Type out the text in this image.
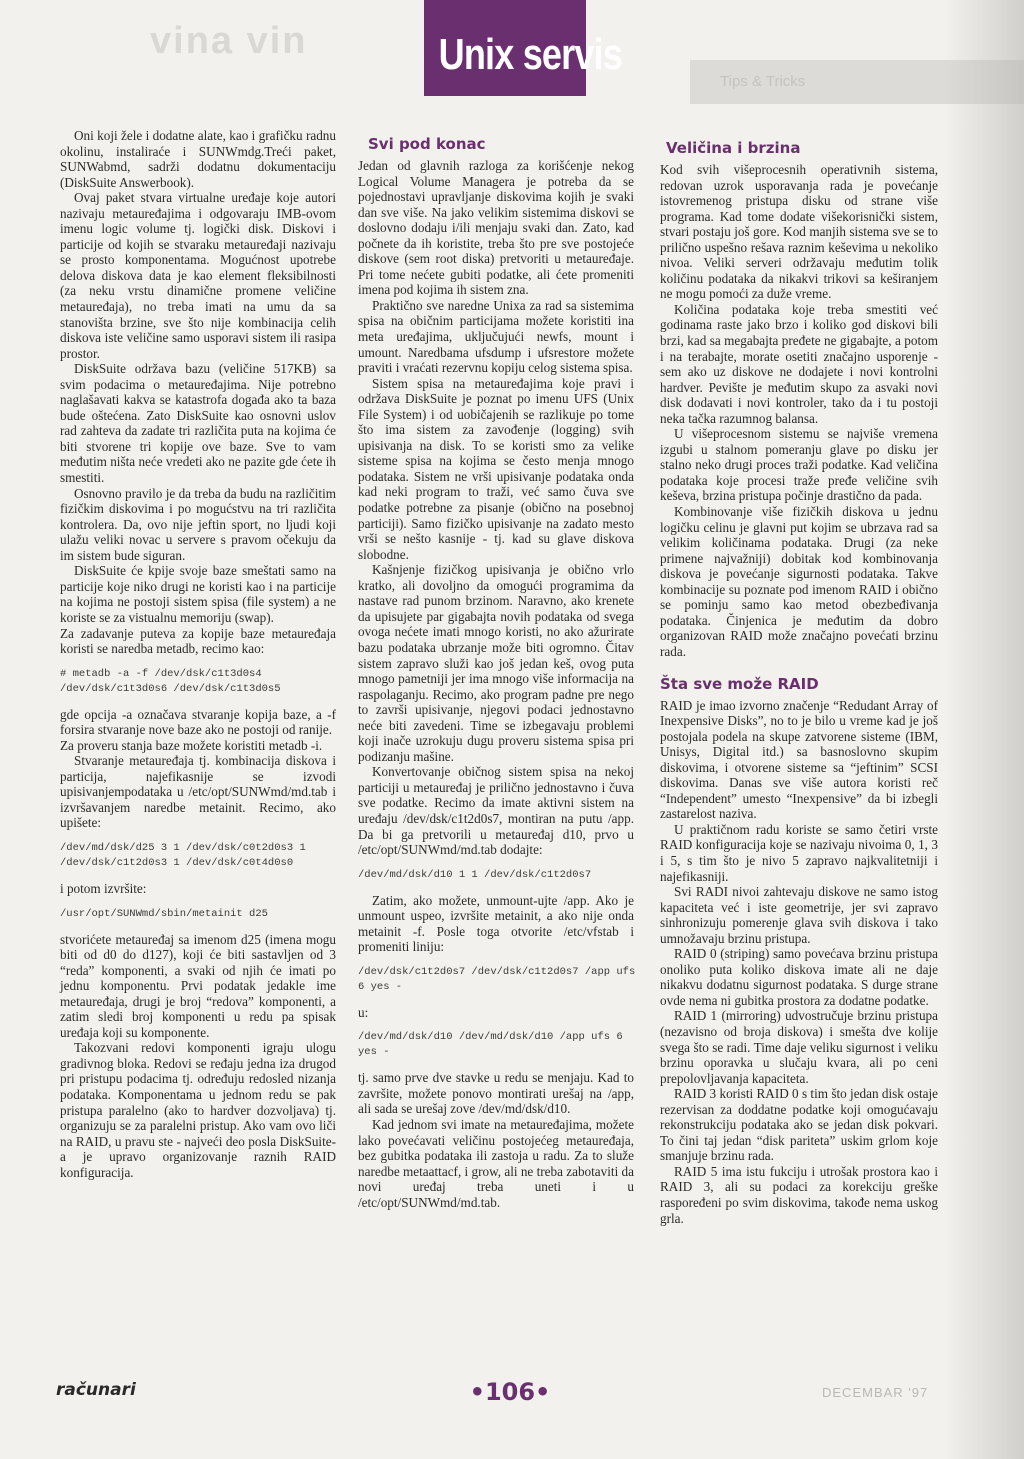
vina vin
Tips & Tricks
Unix servis

Oni koji žele i dodatne alate, kao i grafičku radnu okolinu, instaliraće i SUNWmdg.Treći paket, SUNWabmd, sadrži dodatnu dokumentaciju (DiskSuite Answerbook).

Ovaj paket stvara virtualne uređaje koje autori nazivaju metauređajima i odgovaraju IMB-ovom imenu logic volume tj. logički disk. Diskovi i particije od kojih se stvaraku metauređaji nazivaju se prosto komponentama. Mogućnost upotrebe delova diskova data je kao element fleksibilnosti (za neku vrstu dinamične promene veličine metauređaja), no treba imati na umu da sa stanovišta brzine, sve što nije kombinacija celih diskova iste veličine samo usporavi sistem ili rasipa prostor.

DiskSuite održava bazu (veličine 517KB) sa svim podacima o metauređajima. Nije potrebno naglašavati kakva se katastrofa događa ako ta baza bude oštećena. Zato DiskSuite kao osnovni uslov rad zahteva da zadate tri različita puta na kojima će biti stvorene tri kopije ove baze. Sve to vam međutim ništa neće vredeti ako ne pazite gde ćete ih smestiti.

Osnovno pravilo je da treba da budu na različitim fizičkim diskovima i po mogućstvu na tri različita kontrolera. Da, ovo nije jeftin sport, no ljudi koji ulažu veliki novac u servere s pravom očekuju da im sistem bude siguran.

DiskSuite će kpije svoje baze smeštati samo na particije koje niko drugi ne koristi kao i na particije na kojima ne postoji sistem spisa (file system) a ne koriste se za vistualnu memoriju (swap).

Za zadavanje puteva za kopije baze metauređaja koristi se naredba metadb, recimo kao:

# metadb -a -f /dev/dsk/c1t3d0s4
/dev/dsk/c1t3d0s6 /dev/dsk/c1t3d0s5

gde opcija -a označava stvaranje kopija baze, a -f forsira stvaranje nove baze ako ne postoji od ranije.

Za proveru stanja baze možete koristiti metadb -i.

Stvaranje metauređaja tj. kombinacija diskova i particija, najefikasnije se izvodi upisivanjempodataka u /etc/opt/SUNWmd/md.tab i izvršavanjem naredbe metainit. Recimo, ako upišete:

/dev/md/dsk/d25 3 1 /dev/dsk/c0t2d0s3 1
/dev/dsk/c1t2d0s3 1 /dev/dsk/c0t4d0s0

i potom izvršite:

/usr/opt/SUNWmd/sbin/metainit d25

stvorićete metauređaj sa imenom d25 (imena mogu biti od d0 do d127), koji će biti sastavljen od 3 “reda” komponenti, a svaki od njih će imati po jednu komponentu. Prvi podatak jedakle ime metauređaja, drugi je broj “redova” komponenti, a zatim sledi broj komponenti u redu pa spisak uređaja koji su komponente.

Takozvani redovi komponenti igraju ulogu gradivnog bloka. Redovi se ređaju jedna iza drugod pri pristupu podacima tj. određuju redosled nizanja podataka. Komponentama u jednom redu se pak pristupa paralelno (ako to hardver dozvoljava) tj. organizuju se za paralelni pristup. Ako vam ovo liči na RAID, u pravu ste - najveći deo posla DiskSuite-a je upravo organizovanje raznih RAID konfiguracija.

Svi pod konac

Jedan od glavnih razloga za korišćenje nekog Logical Volume Managera je potreba da se pojednostavi upravljanje diskovima kojih je svaki dan sve više. Na jako velikim sistemima diskovi se doslovno dodaju i/ili menjaju svaki dan. Zato, kad počnete da ih koristite, treba što pre sve postojeće diskove (sem root diska) pretvoriti u metauređaje. Pri tome nećete gubiti podatke, ali ćete promeniti imena pod kojima ih sistem zna.

Praktično sve naredne Unixa za rad sa sistemima spisa na običnim particijama možete koristiti ina meta uređajima, uključujući newfs, mount i umount. Naredbama ufsdump i ufsrestore možete praviti i vraćati rezervnu kopiju celog sistema spisa.

Sistem spisa na metauređajima koje pravi i održava DiskSuite je poznat po imenu UFS (Unix File System) i od uobičajenih se razlikuje po tome što ima sistem za zavođenje (logging) svih upisivanja na disk. To se koristi smo za velike sisteme spisa na kojima se često menja mnogo podataka. Sistem ne vrši upisivanje podataka onda kad neki program to traži, već samo čuva sve podatke potrebne za pisanje (obično na posebnoj particiji). Samo fizičko upisivanje na zadato mesto vrši se nešto kasnije - tj. kad su glave diskova slobodne.

Kašnjenje fizičkog upisivanja je obično vrlo kratko, ali dovoljno da omogući programima da nastave rad punom brzinom. Naravno, ako krenete da upisujete par gigabajta novih podataka od svega ovoga nećete imati mnogo koristi, no ako ažurirate bazu podataka ubrzanje može biti ogromno. Čitav sistem zapravo služi kao još jedan keš, ovog puta mnogo pametniji jer ima mnogo više informacija na raspolaganju. Recimo, ako program padne pre nego to završi upisivanje, njegovi podaci jednostavno neće biti zavedeni. Time se izbegavaju problemi koji inače uzrokuju dugu proveru sistema spisa pri podizanju mašine.

Konvertovanje običnog sistem spisa na nekoj particiji u metauređaj je prilično jednostavno i čuva sve podatke. Recimo da imate aktivni sistem na uređaju /dev/dsk/c1t2d0s7, montiran na putu /app. Da bi ga pretvorili u metauređaj d10, prvo u /etc/opt/SUNWmd/md.tab dodajte:

/dev/md/dsk/d10 1 1 /dev/dsk/c1t2d0s7

Zatim, ako možete, unmount-ujte /app. Ako je unmount uspeo, izvršite metainit, a ako nije onda metainit -f. Posle toga otvorite /etc/vfstab i promeniti liniju:

/dev/dsk/c1t2d0s7 /dev/dsk/c1t2d0s7 /app ufs
6 yes -

u:

/dev/md/dsk/d10 /dev/md/dsk/d10 /app ufs 6
yes -

tj. samo prve dve stavke u redu se menjaju. Kad to završite, možete ponovo montirati urešaj na /app, ali sada se urešaj zove /dev/md/dsk/d10.

Kad jednom svi imate na metauređajima, možete lako povećavati veličinu postojećeg metauređaja, bez gubitka podataka ili zastoja u radu. Za to služe naredbe metaattacf, i grow, ali ne treba zabotaviti da novi uređaj treba uneti i u /etc/opt/SUNWmd/md.tab.

Veličina i brzina

Kod svih višeprocesnih operativnih sistema, redovan uzrok usporavanja rada je povećanje istovremenog pristupa disku od strane više programa. Kad tome dodate višekorisnički sistem, stvari postaju još gore. Kod manjih sistema sve se to prilično uspešno rešava raznim keševima u nekoliko nivoa. Veliki serveri održavaju međutim tolik količinu podataka da nikakvi trikovi sa keširanjem ne mogu pomoći za duže vreme.

Količina podataka koje treba smestiti već godinama raste jako brzo i koliko god diskovi bili brzi, kad sa megabajta pređete ne gigabajte, a potom i na terabajte, morate osetiti značajno usporenje - sem ako uz diskove ne dodajete i novi kontrolni hardver. Pevište je međutim skupo za asvaki novi disk dodavati i novi kontroler, tako da i tu postoji neka tačka razumnog balansa.

U višeprocesnom sistemu se najviše vremena izgubi u stalnom pomeranju glave po disku jer stalno neko drugi proces traži podatke. Kad veličina podataka koje procesi traže pređe veličine svih keševa, brzina pristupa počinje drastično da pada.

Kombinovanje više fizičkih diskova u jednu logičku celinu je glavni put kojim se ubrzava rad sa velikim količinama podataka. Drugi (za neke primene najvažniji) dobitak kod kombinovanja diskova je povećanje sigurnosti podataka. Takve kombinacije su poznate pod imenom RAID i obično se pominju samo kao metod obezbeđivanja podataka. Činjenica je međutim da dobro organizovan RAID može značajno povećati brzinu rada.

Šta sve može RAID

RAID je imao izvorno značenje “Redudant Array of Inexpensive Disks”, no to je bilo u vreme kad je još postojala podela na skupe zatvorene sisteme (IBM, Unisys, Digital itd.) sa basnoslovno skupim diskovima, i otvorene sisteme sa “jeftinim” SCSI diskovima. Danas sve više autora koristi reč “Independent” umesto “Inexpensive” da bi izbegli zastarelost naziva.

U praktičnom radu koriste se samo četiri vrste RAID konfiguracija koje se nazivaju nivoima 0, 1, 3 i 5, s tim što je nivo 5 zapravo najkvalitetniji i najefikasniji.

Svi RADI nivoi zahtevaju diskove ne samo istog kapaciteta već i iste geometrije, jer svi zapravo sinhronizuju pomerenje glava svih diskova i tako umnožavaju brzinu pristupa.

RAID 0 (striping) samo povećava brzinu pristupa onoliko puta koliko diskova imate ali ne daje nikakvu dodatnu sigurnost podataka. S durge strane ovde nema ni gubitka prostora za dodatne podatke.

RAID 1 (mirroring) udvostručuje brzinu pristupa (nezavisno od broja diskova) i smešta dve kolije svega što se radi. Time daje veliku sigurnost i veliku brzinu oporavka u slučaju kvara, ali po ceni prepolovljavanja kapaciteta.

RAID 3 koristi RAID 0 s tim što jedan disk ostaje rezervisan za doddatne podatke koji omogućavaju rekonstrukciju podataka ako se jedan disk pokvari. To čini taj jedan “disk pariteta” uskim grlom koje smanjuje brzinu rada.

RAID 5 ima istu fukciju i utrošak prostora kao i RAID 3, ali su podaci za korekciju greške raspoređeni po svim diskovima, takođe nema uskog grla.

računari	•106•	DECEMBAR '97
